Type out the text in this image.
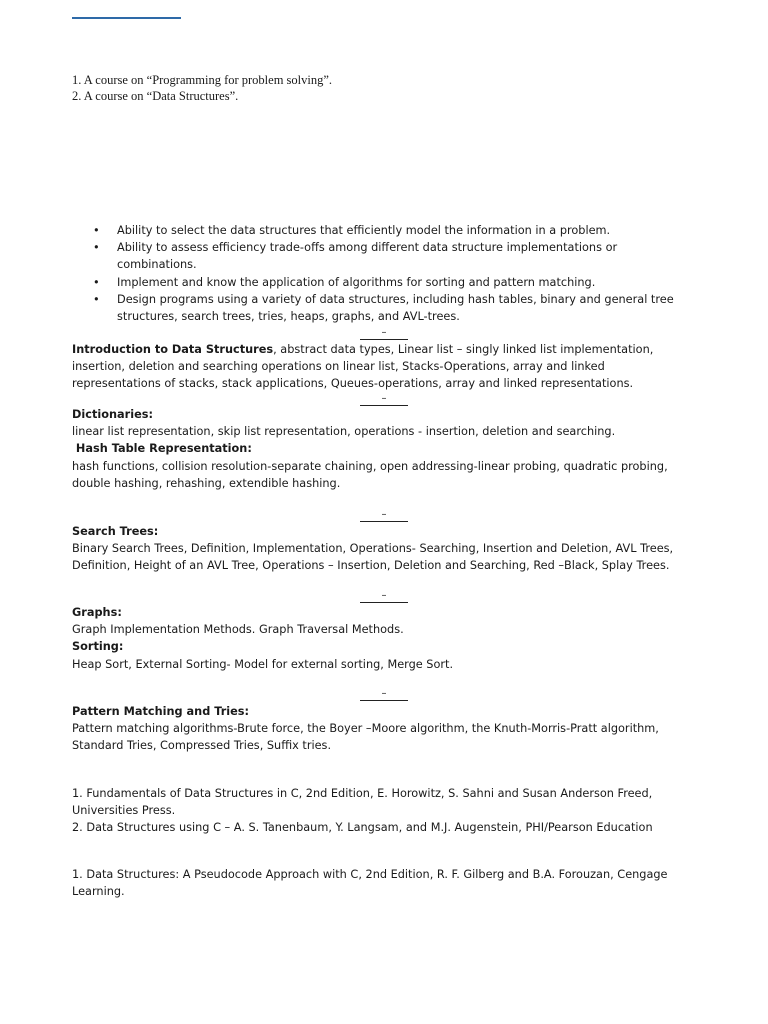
1. A course on “Programming for problem solving”.
2. A course on “Data Structures”.
•	Ability to select the data structures that efficiently model the information in a problem.
•	Ability to assess efficiency trade-offs among different data structure implementations or combinations.
•	Implement and know the application of algorithms for sorting and pattern matching.
•	Design programs using a variety of data structures, including hash tables, binary and general tree structures, search trees, tries, heaps, graphs, and AVL-trees.
–

Introduction to Data Structures, abstract data types, Linear list – singly linked list implementation, insertion, deletion and searching operations on linear list, Stacks-Operations, array and linked representations of stacks, stack applications, Queues-operations, array and linked representations.

–

Dictionaries:

linear list representation, skip list representation, operations - insertion, deletion and searching.

Hash Table Representation:

hash functions, collision resolution-separate chaining, open addressing-linear probing, quadratic probing, double hashing, rehashing, extendible hashing.

–

Search Trees:

Binary Search Trees, Definition, Implementation, Operations- Searching, Insertion and Deletion, AVL Trees, Definition, Height of an AVL Tree, Operations – Insertion, Deletion and Searching, Red –Black, Splay Trees.

–

Graphs:

Graph Implementation Methods. Graph Traversal Methods.

Sorting:

Heap Sort, External Sorting- Model for external sorting, Merge Sort.

–

Pattern Matching and Tries:

Pattern matching algorithms-Brute force, the Boyer –Moore algorithm, the Knuth-Morris-Pratt algorithm, Standard Tries, Compressed Tries, Suffix tries.

1. Fundamentals of Data Structures in C, 2nd Edition, E. Horowitz, S. Sahni and Susan Anderson Freed, Universities Press.

2. Data Structures using C – A. S. Tanenbaum, Y. Langsam, and M.J. Augenstein, PHI/Pearson Education

1. Data Structures: A Pseudocode Approach with C, 2nd Edition, R. F. Gilberg and B.A. Forouzan, Cengage Learning.
